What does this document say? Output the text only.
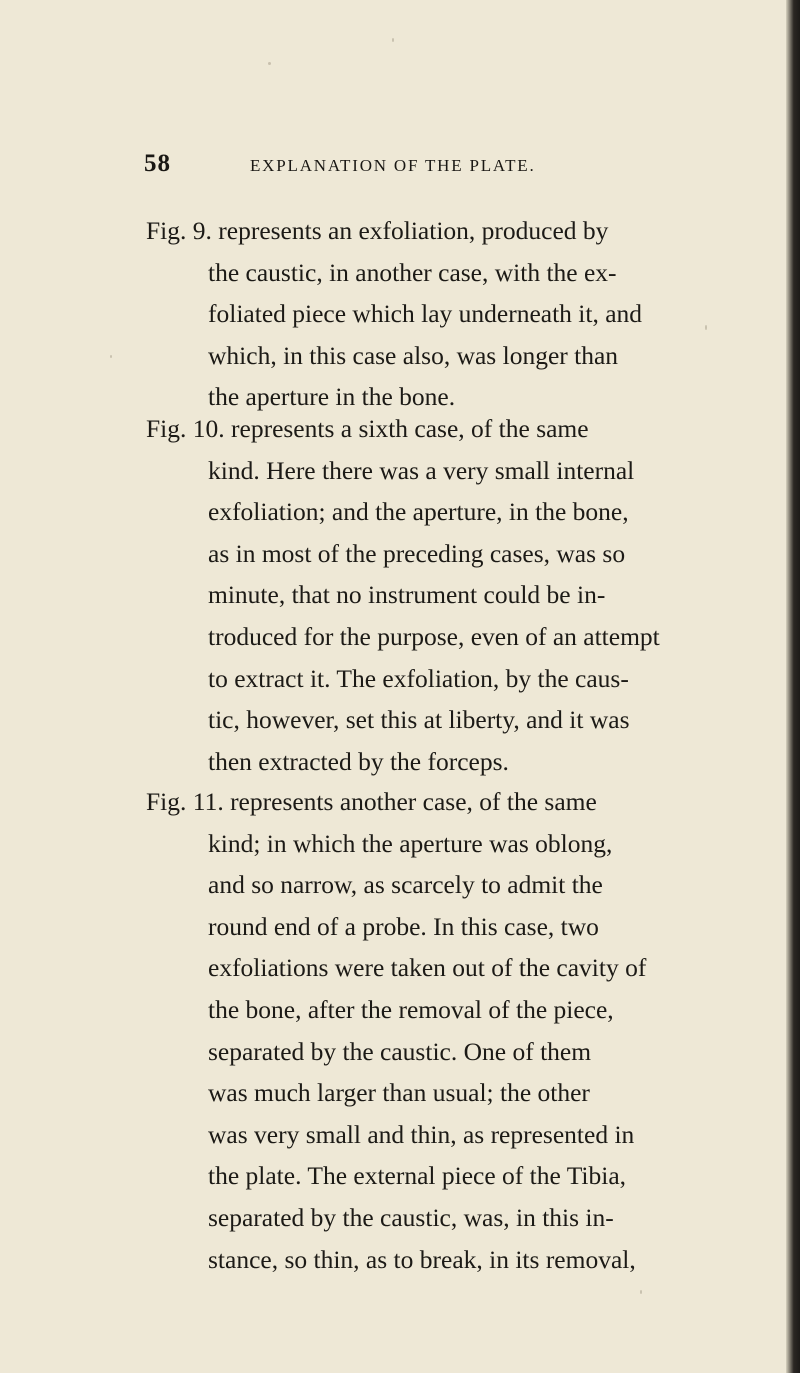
58	EXPLANATION OF THE PLATE.
Fig. 9. represents an exfoliation, produced by
the caustic, in another case, with the ex-
foliated piece which lay underneath it, and
which, in this case also, was longer than
the aperture in the bone.
Fig. 10. represents a sixth case, of the same
kind. Here there was a very small internal
exfoliation; and the aperture, in the bone,
as in most of the preceding cases, was so
minute, that no instrument could be in-
troduced for the purpose, even of an attempt
to extract it. The exfoliation, by the caus-
tic, however, set this at liberty, and it was
then extracted by the forceps.
Fig. 11. represents another case, of the same
kind; in which the aperture was oblong,
and so narrow, as scarcely to admit the
round end of a probe. In this case, two
exfoliations were taken out of the cavity of
the bone, after the removal of the piece,
separated by the caustic. One of them
was much larger than usual; the other
was very small and thin, as represented in
the plate. The external piece of the Tibia,
separated by the caustic, was, in this in-
stance, so thin, as to break, in its removal,
